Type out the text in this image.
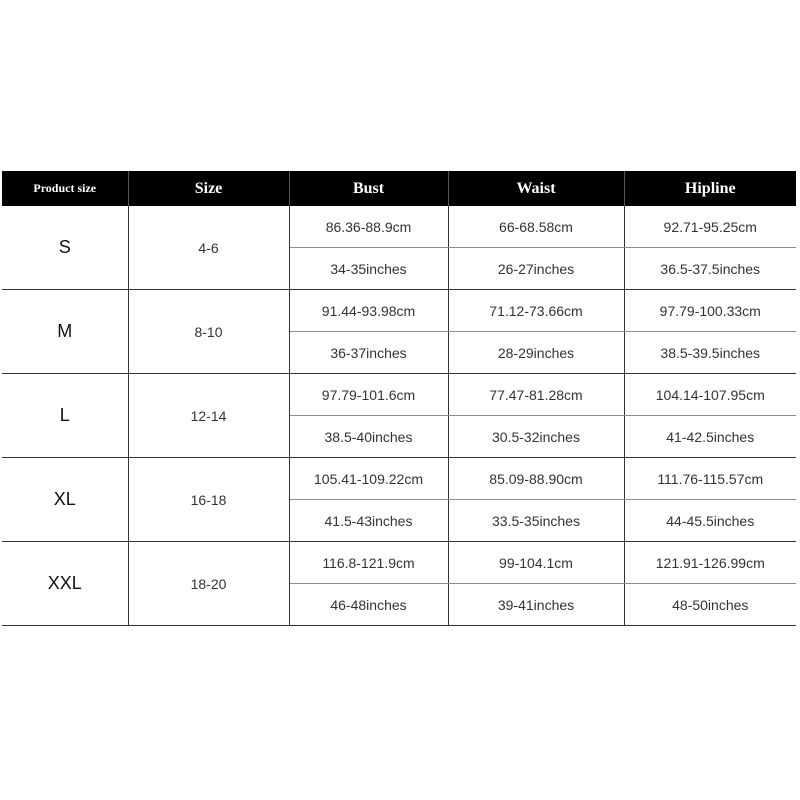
Product size	Size	Bust	Waist	Hipline
S	4-6	86.36-88.9cm	66-68.58cm	92.71-95.25cm
		34-35inches	26-27inches	36.5-37.5inches
M	8-10	91.44-93.98cm	71.12-73.66cm	97.79-100.33cm
		36-37inches	28-29inches	38.5-39.5inches
L	12-14	97.79-101.6cm	77.47-81.28cm	104.14-107.95cm
		38.5-40inches	30.5-32inches	41-42.5inches
XL	16-18	105.41-109.22cm	85.09-88.90cm	111.76-115.57cm
		41.5-43inches	33.5-35inches	44-45.5inches
XXL	18-20	116.8-121.9cm	99-104.1cm	121.91-126.99cm
		46-48inches	39-41inches	48-50inches
